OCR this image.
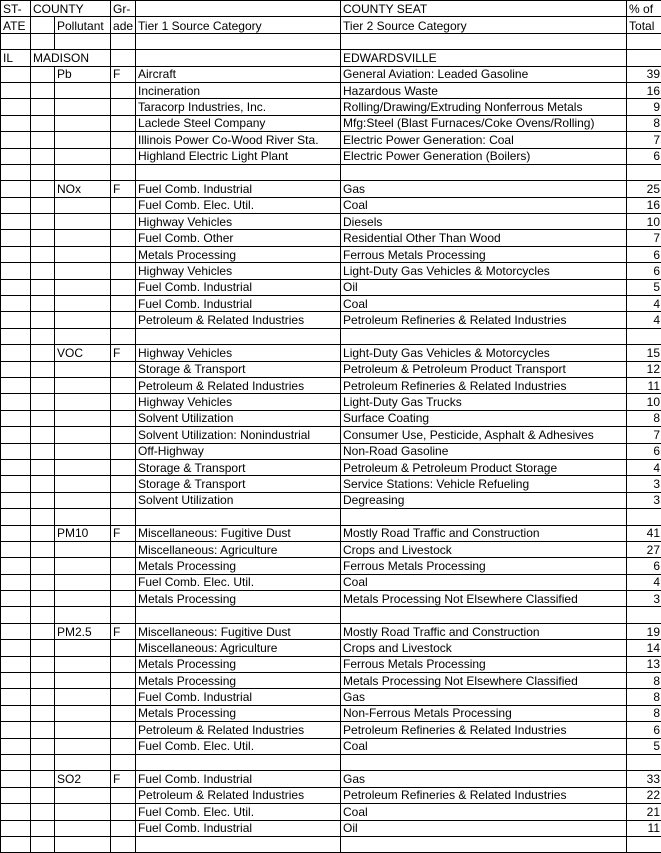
ST-	COUNTY		Gr-		COUNTY SEAT	% of
ATE		Pollutant	ade	Tier 1 Source Category	Tier 2 Source Category	Total

IL	MADISON				EDWARDSVILLE	
		Pb	F	Aircraft	General Aviation: Leaded Gasoline	39
				Incineration	Hazardous Waste	16
				Taracorp Industries, Inc.	Rolling/Drawing/Extruding Nonferrous Metals	9
				Laclede Steel Company	Mfg:Steel (Blast Furnaces/Coke Ovens/Rolling)	8
				Illinois Power Co-Wood River Sta.	Electric Power Generation: Coal	7
				Highland Electric Light Plant	Electric Power Generation (Boilers)	6

		NOx	F	Fuel Comb. Industrial	Gas	25
				Fuel Comb. Elec. Util.	Coal	16
				Highway Vehicles	Diesels	10
				Fuel Comb. Other	Residential Other Than Wood	7
				Metals Processing	Ferrous Metals Processing	6
				Highway Vehicles	Light-Duty Gas Vehicles & Motorcycles	6
				Fuel Comb. Industrial	Oil	5
				Fuel Comb. Industrial	Coal	4
				Petroleum & Related Industries	Petroleum Refineries & Related Industries	4

		VOC	F	Highway Vehicles	Light-Duty Gas Vehicles & Motorcycles	15
				Storage & Transport	Petroleum & Petroleum Product Transport	12
				Petroleum & Related Industries	Petroleum Refineries & Related Industries	11
				Highway Vehicles	Light-Duty Gas Trucks	10
				Solvent Utilization	Surface Coating	8
				Solvent Utilization: Nonindustrial	Consumer Use, Pesticide, Asphalt & Adhesives	7
				Off-Highway	Non-Road Gasoline	6
				Storage & Transport	Petroleum & Petroleum Product Storage	4
				Storage & Transport	Service Stations: Vehicle Refueling	3
				Solvent Utilization	Degreasing	3

		PM10	F	Miscellaneous: Fugitive Dust	Mostly Road Traffic and Construction	41
				Miscellaneous: Agriculture	Crops and Livestock	27
				Metals Processing	Ferrous Metals Processing	6
				Fuel Comb. Elec. Util.	Coal	4
				Metals Processing	Metals Processing Not Elsewhere Classified	3

		PM2.5	F	Miscellaneous: Fugitive Dust	Mostly Road Traffic and Construction	19
				Miscellaneous: Agriculture	Crops and Livestock	14
				Metals Processing	Ferrous Metals Processing	13
				Metals Processing	Metals Processing Not Elsewhere Classified	8
				Fuel Comb. Industrial	Gas	8
				Metals Processing	Non-Ferrous Metals Processing	8
				Petroleum & Related Industries	Petroleum Refineries & Related Industries	6
				Fuel Comb. Elec. Util.	Coal	5

		SO2	F	Fuel Comb. Industrial	Gas	33
				Petroleum & Related Industries	Petroleum Refineries & Related Industries	22
				Fuel Comb. Elec. Util.	Coal	21
				Fuel Comb. Industrial	Oil	11
